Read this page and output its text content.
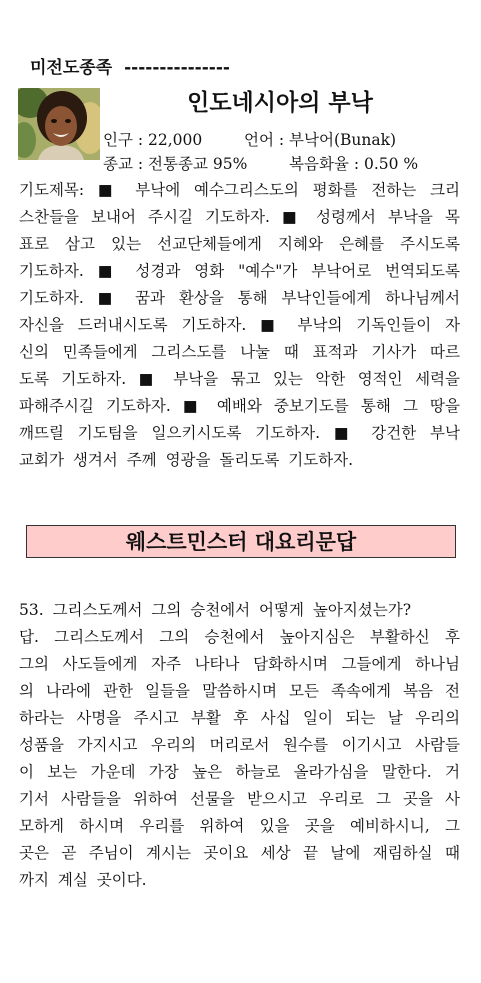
미전도종족 ---------------
인도네시아의 부낙
인구 : 22,000	언어 : 부낙어(Bunak)
종교 : 전통종교 95%	복음화율 : 0.50 %
기도제목: ■ 부낙에 예수그리스도의 평화를 전하는 크리
스찬들을 보내어 주시길 기도하자. ■ 성령께서 부낙을 목
표로 삼고 있는 선교단체들에게 지혜와 은혜를 주시도록
기도하자. ■ 성경과 영화 "예수"가 부낙어로 번역되도록
기도하자. ■ 꿈과 환상을 통해 부낙인들에게 하나님께서
자신을 드러내시도록 기도하자. ■ 부낙의 기독인들이 자
신의 민족들에게 그리스도를 나눌 때 표적과 기사가 따르
도록 기도하자. ■ 부낙을 묶고 있는 악한 영적인 세력을
파해주시길 기도하자. ■ 예배와 중보기도를 통해 그 땅을
깨뜨릴 기도팀을 일으키시도록 기도하자. ■ 강건한 부낙
교회가 생겨서 주께 영광을 돌리도록 기도하자.
웨스트민스터 대요리문답
53. 그리스도께서 그의 승천에서 어떻게 높아지셨는가?
답. 그리스도께서 그의 승천에서 높아지심은 부활하신 후
그의 사도들에게 자주 나타나 담화하시며 그들에게 하나님
의 나라에 관한 일들을 말씀하시며 모든 족속에게 복음 전
하라는 사명을 주시고 부활 후 사십 일이 되는 날 우리의
성품을 가지시고 우리의 머리로서 원수를 이기시고 사람들
이 보는 가운데 가장 높은 하늘로 올라가심을 말한다. 거
기서 사람들을 위하여 선물을 받으시고 우리로 그 곳을 사
모하게 하시며 우리를 위하여 있을 곳을 예비하시니, 그
곳은 곧 주님이 계시는 곳이요 세상 끝 날에 재림하실 때
까지 계실 곳이다.
